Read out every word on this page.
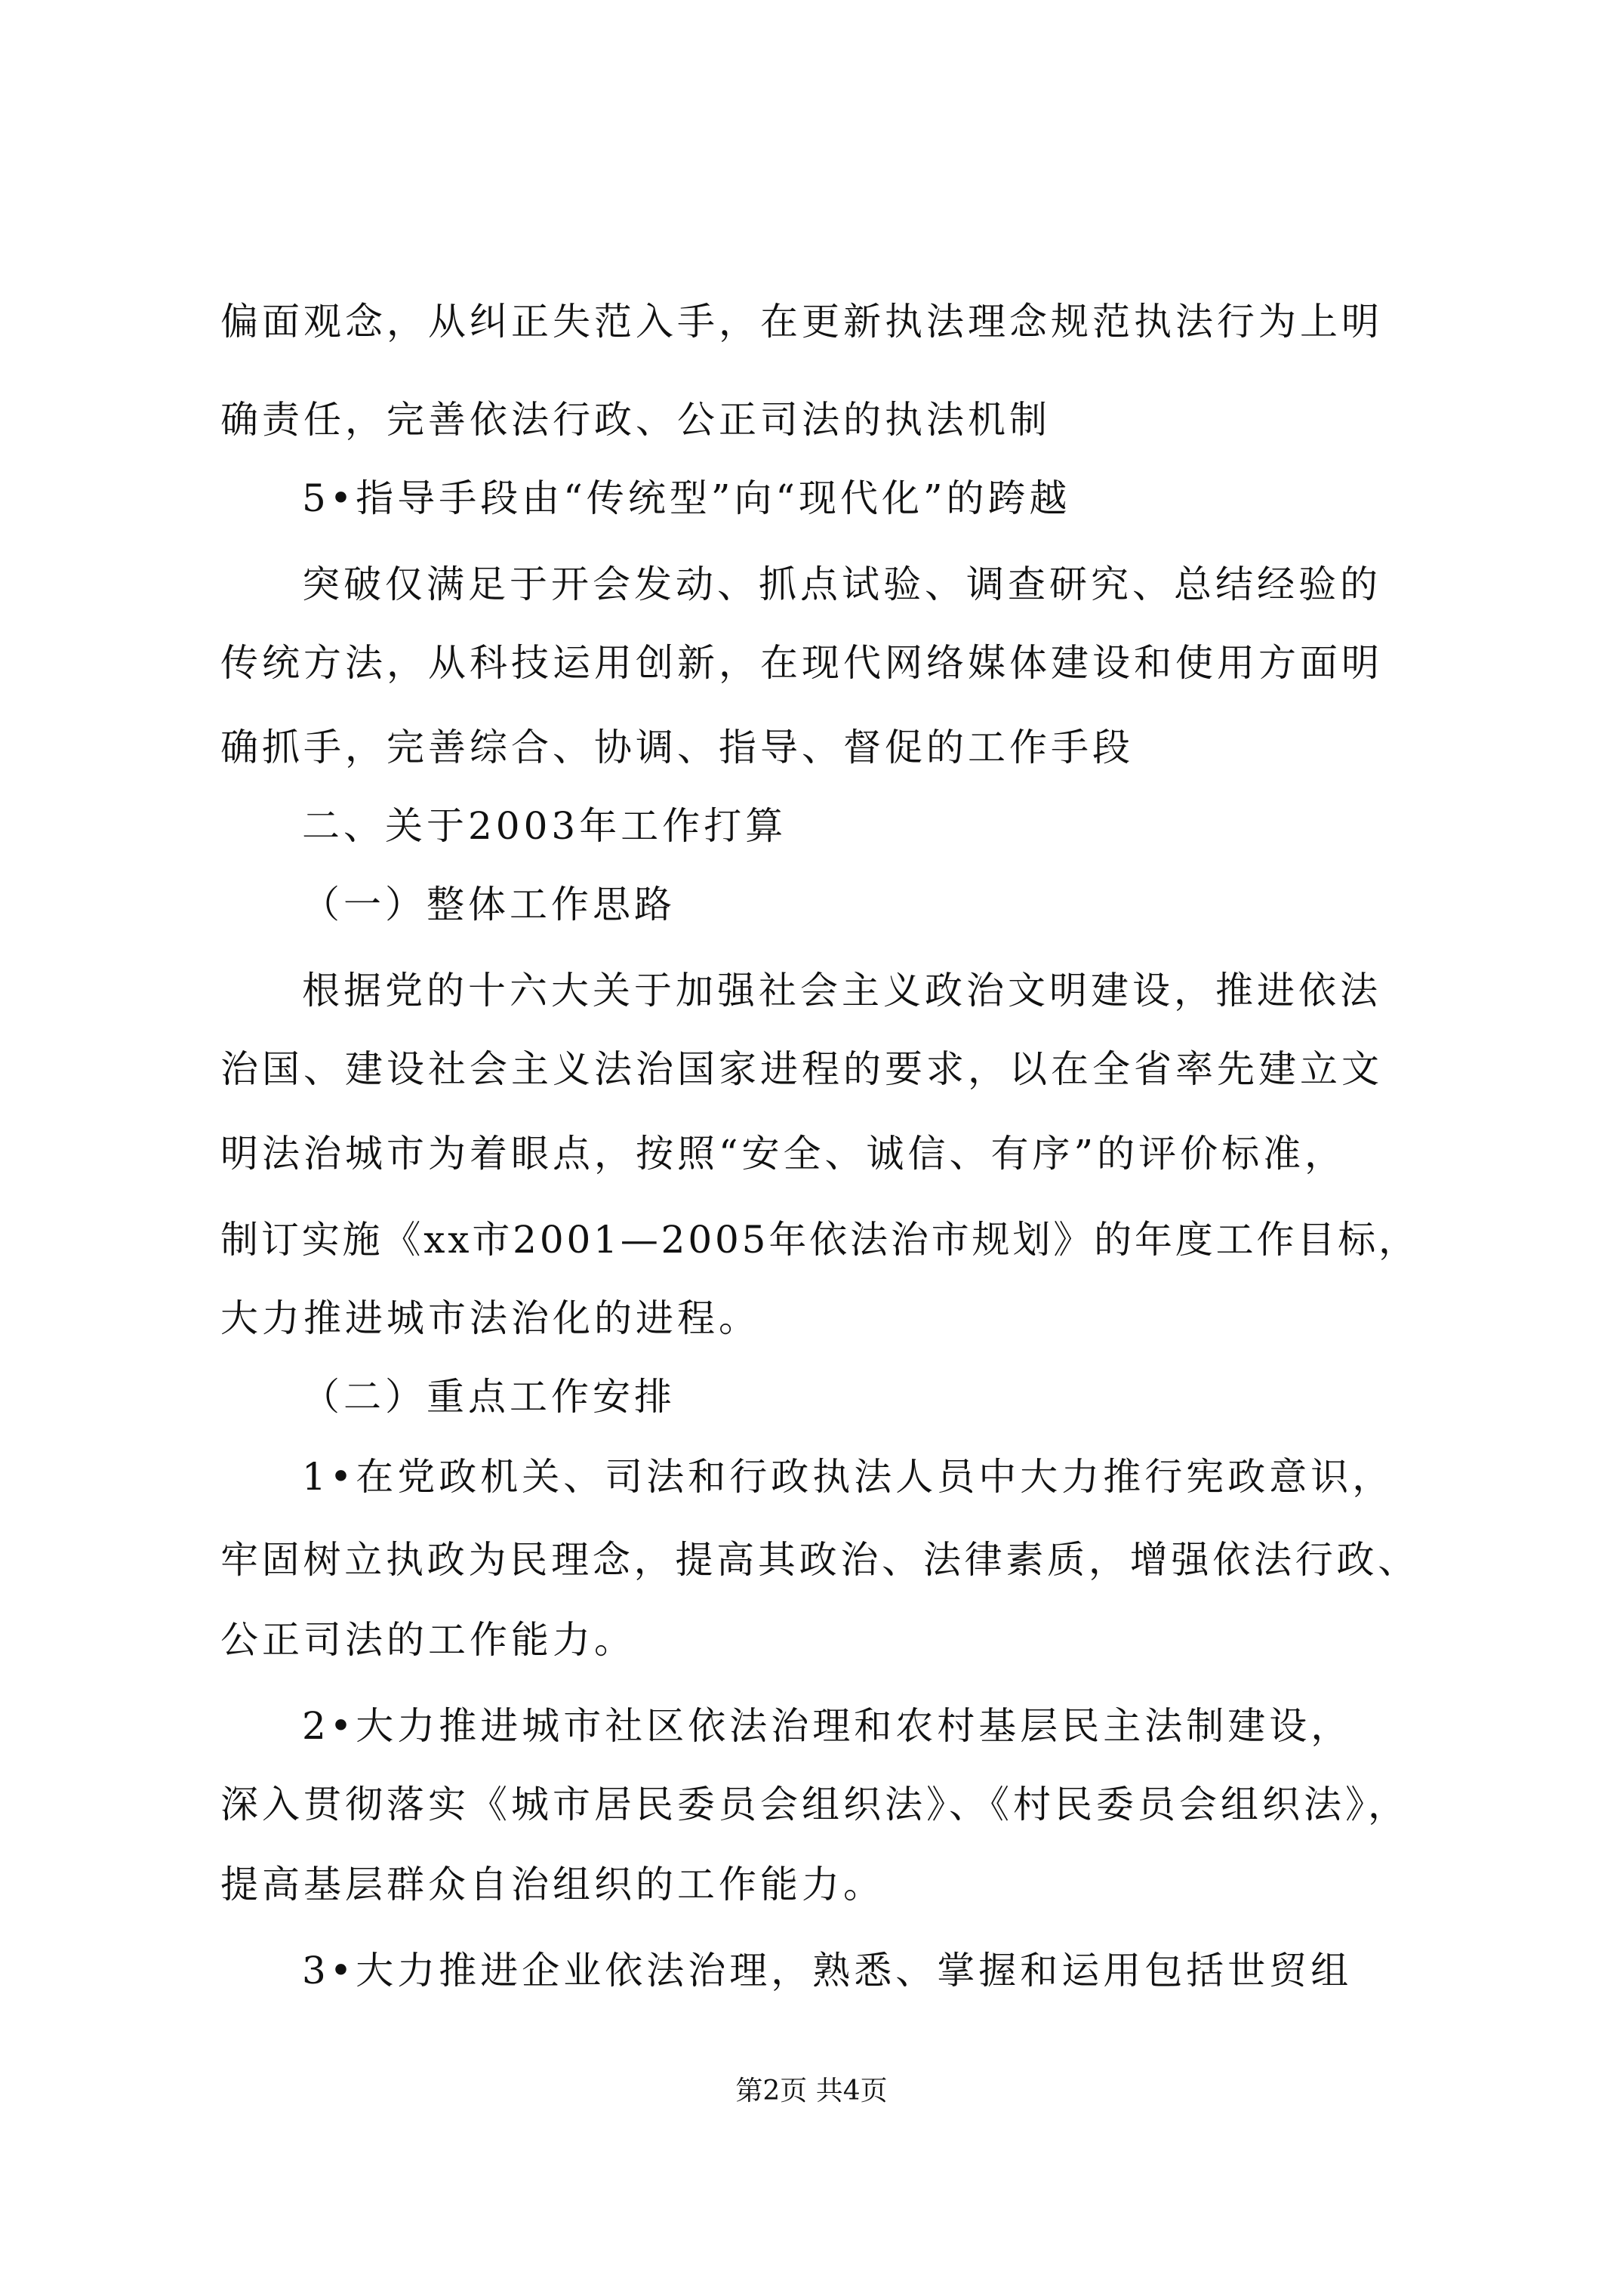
偏面观念，从纠正失范入手，在更新执法理念规范执法行为上明
确责任，完善依法行政、公正司法的执法机制
5•指导手段由“传统型”向“现代化”的跨越
突破仅满足于开会发动、抓点试验、调查研究、总结经验的
传统方法，从科技运用创新，在现代网络媒体建设和使用方面明
确抓手，完善综合、协调、指导、督促的工作手段
二、关于2003年工作打算
（一）整体工作思路
根据党的十六大关于加强社会主义政治文明建设，推进依法
治国、建设社会主义法治国家进程的要求，以在全省率先建立文
明法治城市为着眼点，按照“安全、诚信、有序”的评价标准，
制订实施《xx市2001—2005年依法治市规划》的年度工作目标，
大力推进城市法治化的进程。
（二）重点工作安排
1•在党政机关、司法和行政执法人员中大力推行宪政意识，
牢固树立执政为民理念，提高其政治、法律素质，增强依法行政、
公正司法的工作能力。
2•大力推进城市社区依法治理和农村基层民主法制建设，
深入贯彻落实《城市居民委员会组织法》、《村民委员会组织法》，
提高基层群众自治组织的工作能力。
3•大力推进企业依法治理，熟悉、掌握和运用包括世贸组
第2页 共4页
